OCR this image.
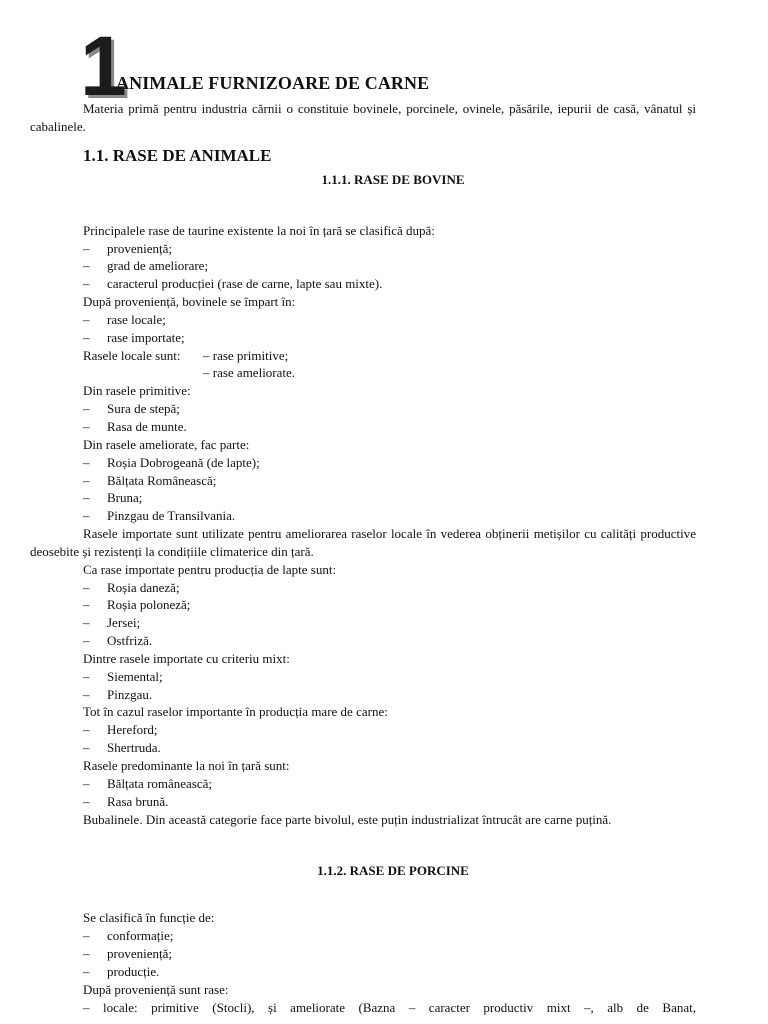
1
ANIMALE FURNIZOARE DE CARNE

Materia primă pentru industria cărnii o constituie bovinele, porcinele, ovinele, păsările, iepurii de casă, vânatul și cabalinele.

1.1. RASE DE ANIMALE
1.1.1. RASE DE BOVINE

Principalele rase de taurine existente la noi în țară se clasifică după:

– proveniență;

– grad de ameliorare;

– caracterul producției (rase de carne, lapte sau mixte).

După proveniență, bovinele se împart în:

– rase locale;

– rase importate;

Rasele locale sunt: – rase primitive;

– rase ameliorate.

Din rasele primitive:

– Sura de stepă;

– Rasa de munte.

Din rasele ameliorate, fac parte:

– Roșia Dobrogeană (de lapte);

– Bălțata Românească;

– Bruna;

– Pinzgau de Transilvania.

Rasele importate sunt utilizate pentru ameliorarea raselor locale în vederea obținerii metișilor cu calități productive deosebite și rezistenți la condițiile climaterice din țară.

Ca rase importate pentru producția de lapte sunt:

– Roșia daneză;

– Roșia poloneză;

– Jersei;

– Ostfriză.

Dintre rasele importate cu criteriu mixt:

– Siemental;

– Pinzgau.

Tot în cazul raselor importante în producția mare de carne:

– Hereford;

– Shertruda.

Rasele predominante la noi în țară sunt:

– Bălțata românească;

– Rasa brună.

Bubalinele. Din această categorie face parte bivolul, este puțin industrializat întrucât are carne puțină.

1.1.2. RASE DE PORCINE

Se clasifică în funcție de:

– conformație;

– proveniență;

– producție.

După proveniență sunt rase:

– locale: primitive (Stocli), și ameliorate (Bazna – caracter productiv mixt –, alb de Banat,
